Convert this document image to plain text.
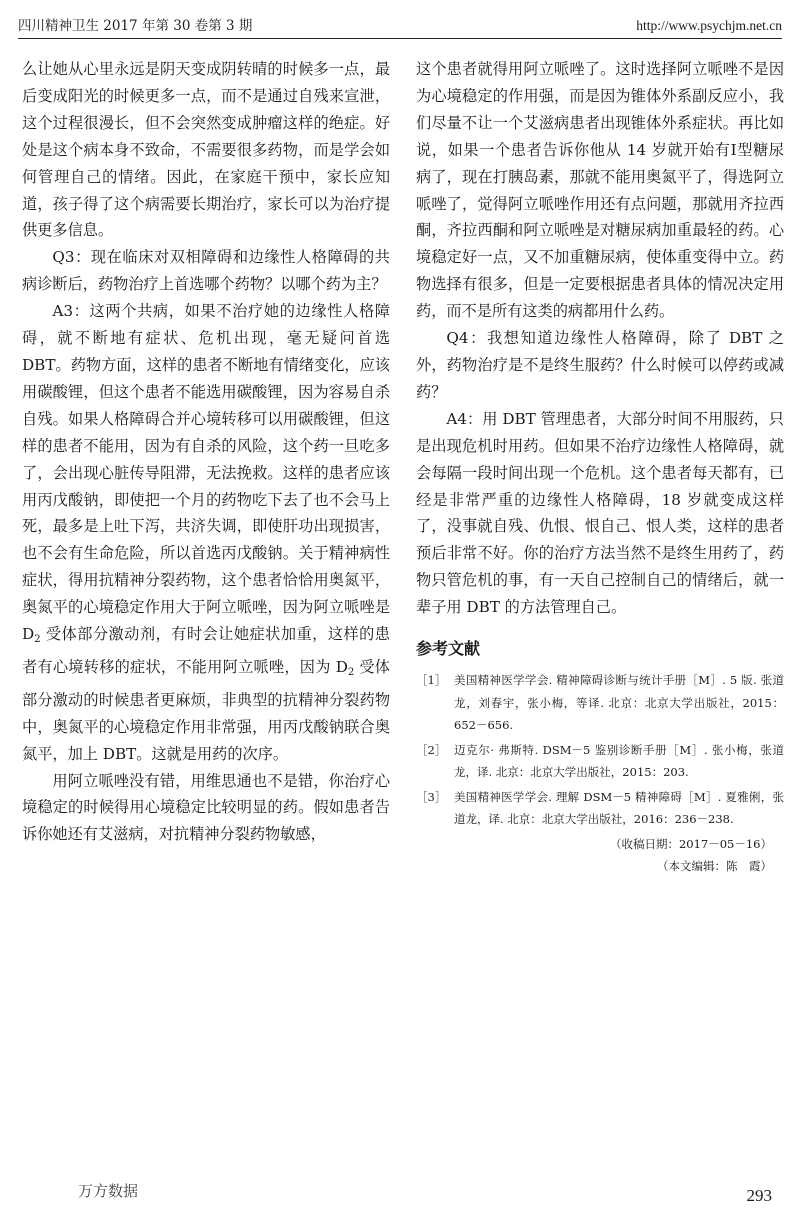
四川精神卫生 2017 年第 30 卷第 3 期	http://www.psychjm.net.cn

么让她从心里永远是阴天变成阴转晴的时候多一点，最后变成阳光的时候更多一点，而不是通过自残来宣泄，这个过程很漫长，但不会突然变成肿瘤这样的绝症。好处是这个病本身不致命，不需要很多药物，而是学会如何管理自己的情绪。因此，在家庭干预中，家长应知道，孩子得了这个病需要长期治疗，家长可以为治疗提供更多信息。

Q3：现在临床对双相障碍和边缘性人格障碍的共病诊断后，药物治疗上首选哪个药物？以哪个药为主？

A3：这两个共病，如果不治疗她的边缘性人格障碍，就不断地有症状、危机出现，毫无疑问首选 DBT。药物方面，这样的患者不断地有情绪变化，应该用碳酸锂，但这个患者不能选用碳酸锂，因为容易自杀自残。如果人格障碍合并心境转移可以用碳酸锂，但这样的患者不能用，因为有自杀的风险，这个药一旦吃多了，会出现心脏传导阻滞，无法挽救。这样的患者应该用丙戊酸钠，即使把一个月的药物吃下去了也不会马上死，最多是上吐下泻，共济失调，即使肝功出现损害，也不会有生命危险，所以首选丙戊酸钠。关于精神病性症状，得用抗精神分裂药物，这个患者恰恰用奥氮平，奥氮平的心境稳定作用大于阿立哌唑，因为阿立哌唑是 $D_2$ 受体部分激动剂，有时会让她症状加重，这样的患者有心境转移的症状，不能用阿立哌唑，因为 $D_2$ 受体部分激动的时候患者更麻烦，非典型的抗精神分裂药物中，奥氮平的心境稳定作用非常强，用丙戊酸钠联合奥氮平，加上 DBT。这就是用药的次序。

用阿立哌唑没有错，用维思通也不是错，你治疗心境稳定的时候得用心境稳定比较明显的药。假如患者告诉你她还有艾滋病，对抗精神分裂药物敏感，

这个患者就得用阿立哌唑了。这时选择阿立哌唑不是因为心境稳定的作用强，而是因为锥体外系副反应小，我们尽量不让一个艾滋病患者出现锥体外系症状。再比如说，如果一个患者告诉你他从 14 岁就开始有Ⅰ型糖尿病了，现在打胰岛素，那就不能用奥氮平了，得选阿立哌唑了，觉得阿立哌唑作用还有点问题，那就用齐拉西酮，齐拉西酮和阿立哌唑是对糖尿病加重最轻的药。心境稳定好一点，又不加重糖尿病，使体重变得中立。药物选择有很多，但是一定要根据患者具体的情况决定用药，而不是所有这类的病都用什么药。

Q4：我想知道边缘性人格障碍，除了 DBT 之外，药物治疗是不是终生服药？什么时候可以停药或减药？

A4：用 DBT 管理患者，大部分时间不用服药，只是出现危机时用药。但如果不治疗边缘性人格障碍，就会每隔一段时间出现一个危机。这个患者每天都有，已经是非常严重的边缘性人格障碍，18 岁就变成这样了，没事就自残、仇恨、恨自己、恨人类，这样的患者预后非常不好。你的治疗方法当然不是终生用药了，药物只管危机的事，有一天自己控制自己的情绪后，就一辈子用 DBT 的方法管理自己。

参考文献
［1］ 美国精神医学学会. 精神障碍诊断与统计手册［M］. 5 版. 张道龙，刘春宇，张小梅，等译. 北京：北京大学出版社，2015：652－656.
［2］ 迈克尔· 弗斯特. DSM－5 鉴别诊断手册［M］. 张小梅，张道龙，译. 北京：北京大学出版社，2015：203.
［3］ 美国精神医学学会. 理解 DSM－5 精神障碍［M］. 夏雅俐，张道龙，译. 北京：北京大学出版社，2016：236－238.
（收稿日期：2017－05－16）
（本文编辑：陈　霞）
万方数据	293
